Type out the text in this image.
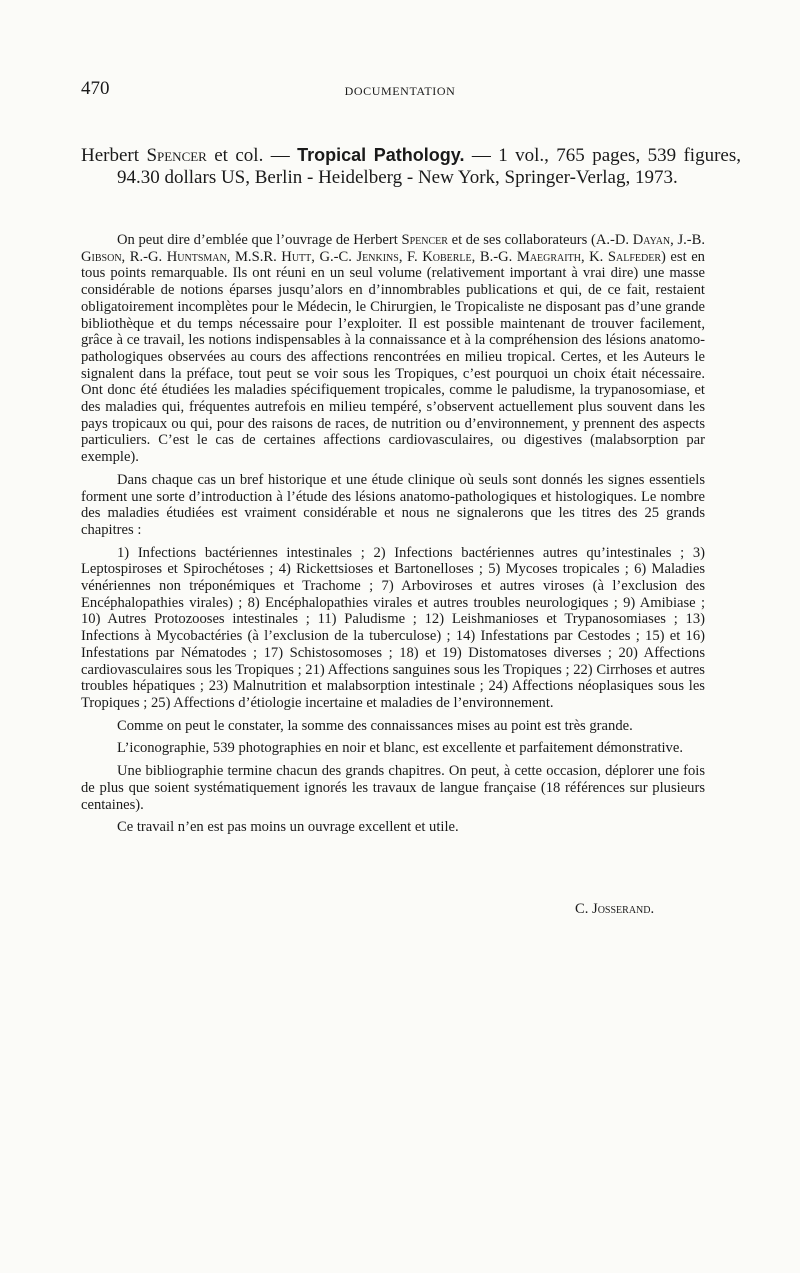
470	DOCUMENTATION
Herbert Spencer et col. — Tropical Pathology. — 1 vol., 765 pages, 539 figures, 94.30 dollars US, Berlin - Heidelberg - New York, Springer-Verlag, 1973.

On peut dire d’emblée que l’ouvrage de Herbert Spencer et de ses collaborateurs (A.-D. Dayan, J.-B. Gibson, R.-G. Huntsman, M.S.R. Hutt, G.-C. Jenkins, F. Koberle, B.-G. Maegraith, K. Salfeder) est en tous points remarquable. Ils ont réuni en un seul volume (relativement important à vrai dire) une masse considérable de notions éparses jusqu’alors en d’innombrables publications et qui, de ce fait, restaient obligatoirement incomplètes pour le Médecin, le Chirurgien, le Tropicaliste ne disposant pas d’une grande bibliothèque et du temps nécessaire pour l’exploiter. Il est possible maintenant de trouver facilement, grâce à ce travail, les notions indispensables à la connaissance et à la compréhension des lésions anatomo-pathologiques observées au cours des affections rencontrées en milieu tropical. Certes, et les Auteurs le signalent dans la préface, tout peut se voir sous les Tropiques, c’est pourquoi un choix était nécessaire. Ont donc été étudiées les maladies spécifiquement tropicales, comme le paludisme, la trypanosomiase, et des maladies qui, fréquentes autrefois en milieu tempéré, s’observent actuellement plus souvent dans les pays tropicaux ou qui, pour des raisons de races, de nutrition ou d’environnement, y prennent des aspects particuliers. C’est le cas de certaines affections cardiovasculaires, ou digestives (malabsorption par exemple).

Dans chaque cas un bref historique et une étude clinique où seuls sont donnés les signes essentiels forment une sorte d’introduction à l’étude des lésions anatomo-pathologiques et histologiques. Le nombre des maladies étudiées est vraiment considérable et nous ne signalerons que les titres des 25 grands chapitres :

1) Infections bactériennes intestinales ; 2) Infections bactériennes autres qu’intestinales ; 3) Leptospiroses et Spirochétoses ; 4) Rickettsioses et Bartonelloses ; 5) Mycoses tropicales ; 6) Maladies vénériennes non tréponémiques et Trachome ; 7) Arboviroses et autres viroses (à l’exclusion des Encéphalopathies virales) ; 8) Encéphalopathies virales et autres troubles neurologiques ; 9) Amibiase ; 10) Autres Protozooses intestinales ; 11) Paludisme ; 12) Leishmanioses et Trypanosomiases ; 13) Infections à Mycobactéries (à l’exclusion de la tuberculose) ; 14) Infestations par Cestodes ; 15) et 16) Infestations par Nématodes ; 17) Schistosomoses ; 18) et 19) Distomatoses diverses ; 20) Affections cardiovasculaires sous les Tropiques ; 21) Affections sanguines sous les Tropiques ; 22) Cirrhoses et autres troubles hépatiques ; 23) Malnutrition et malabsorption intestinale ; 24) Affections néoplasiques sous les Tropiques ; 25) Affections d’étiologie incertaine et maladies de l’environnement.

Comme on peut le constater, la somme des connaissances mises au point est très grande.

L’iconographie, 539 photographies en noir et blanc, est excellente et parfaitement démonstrative.

Une bibliographie termine chacun des grands chapitres. On peut, à cette occasion, déplorer une fois de plus que soient systématiquement ignorés les travaux de langue française (18 références sur plusieurs centaines).

Ce travail n’en est pas moins un ouvrage excellent et utile.

C. Josserand.
